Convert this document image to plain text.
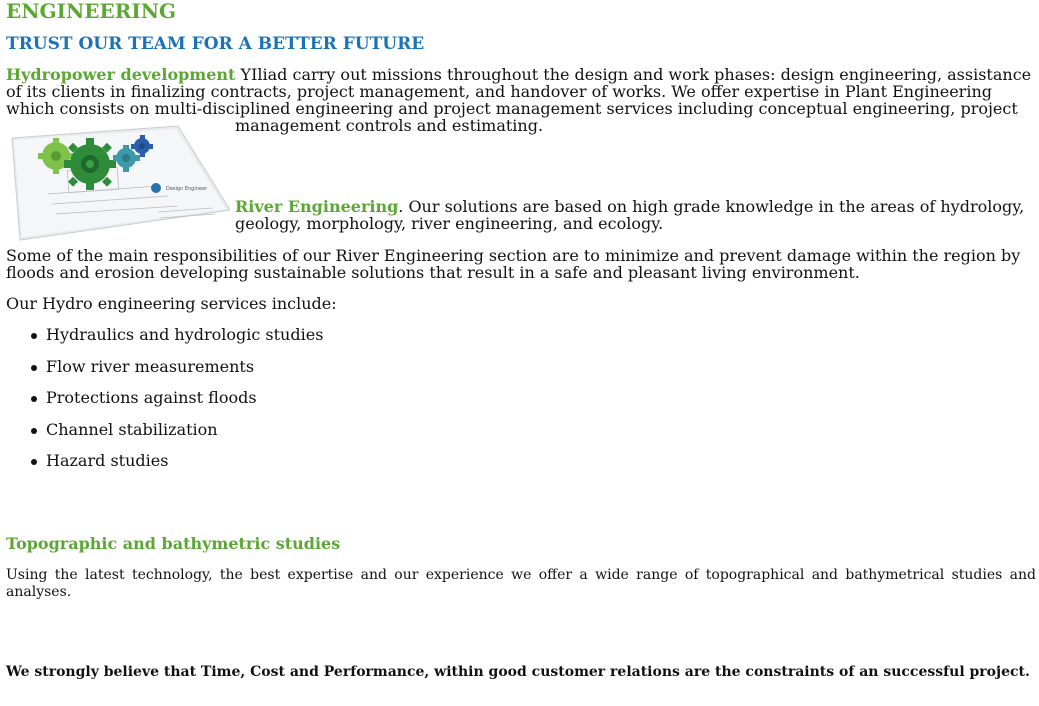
ENGINEERING
TRUST OUR TEAM FOR A BETTER FUTURE

Hydropower development YIliad carry out missions throughout the design and work phases: design engineering, assistance of its clients in finalizing contracts, project management, and handover of works. We offer expertise in Plant Engineering which consists on multi-disciplined engineering and project management services including conceptual engineering, project

management controls and estimating.

Design Engineer

River Engineering. Our solutions are based on high grade knowledge in the areas of hydrology, geology, morphology, river engineering, and ecology.

Some of the main responsibilities of our River Engineering section are to minimize and prevent damage within the region by floods and erosion developing sustainable solutions that result in a safe and pleasant living environment.

Our Hydro engineering services include:

Hydraulics and hydrologic studies
Flow river measurements
Protections against floods
Channel stabilization
Hazard studies
Topographic and bathymetric studies

Using the latest technology, the best expertise and our experience we offer a wide range of topographical and bathymetrical studies and analyses.

We strongly believe that Time, Cost and Performance, within good customer relations are the constraints of an successful project.
